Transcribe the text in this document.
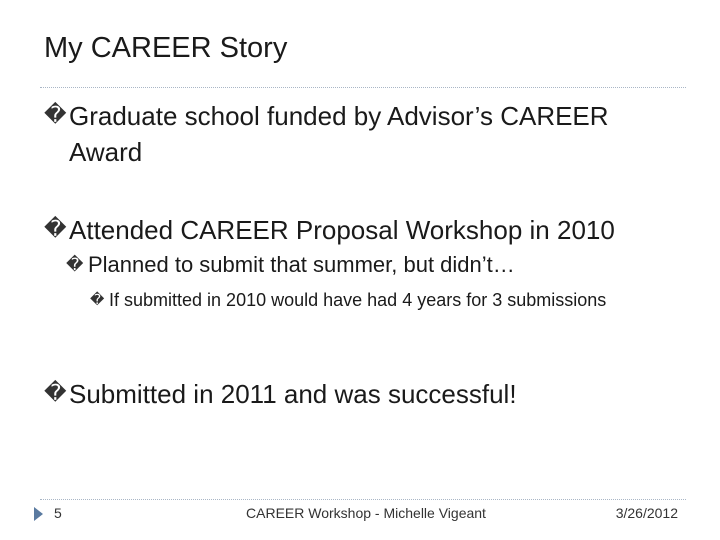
My CAREER Story
� Graduate school funded by Advisor’s CAREER Award
� Attended CAREER Proposal Workshop in 2010
� Planned to submit that summer, but didn’t…
� If submitted in 2010 would have had 4 years for 3 submissions
� Submitted in 2011 and was successful!
5	CAREER Workshop - Michelle Vigeant	3/26/2012
